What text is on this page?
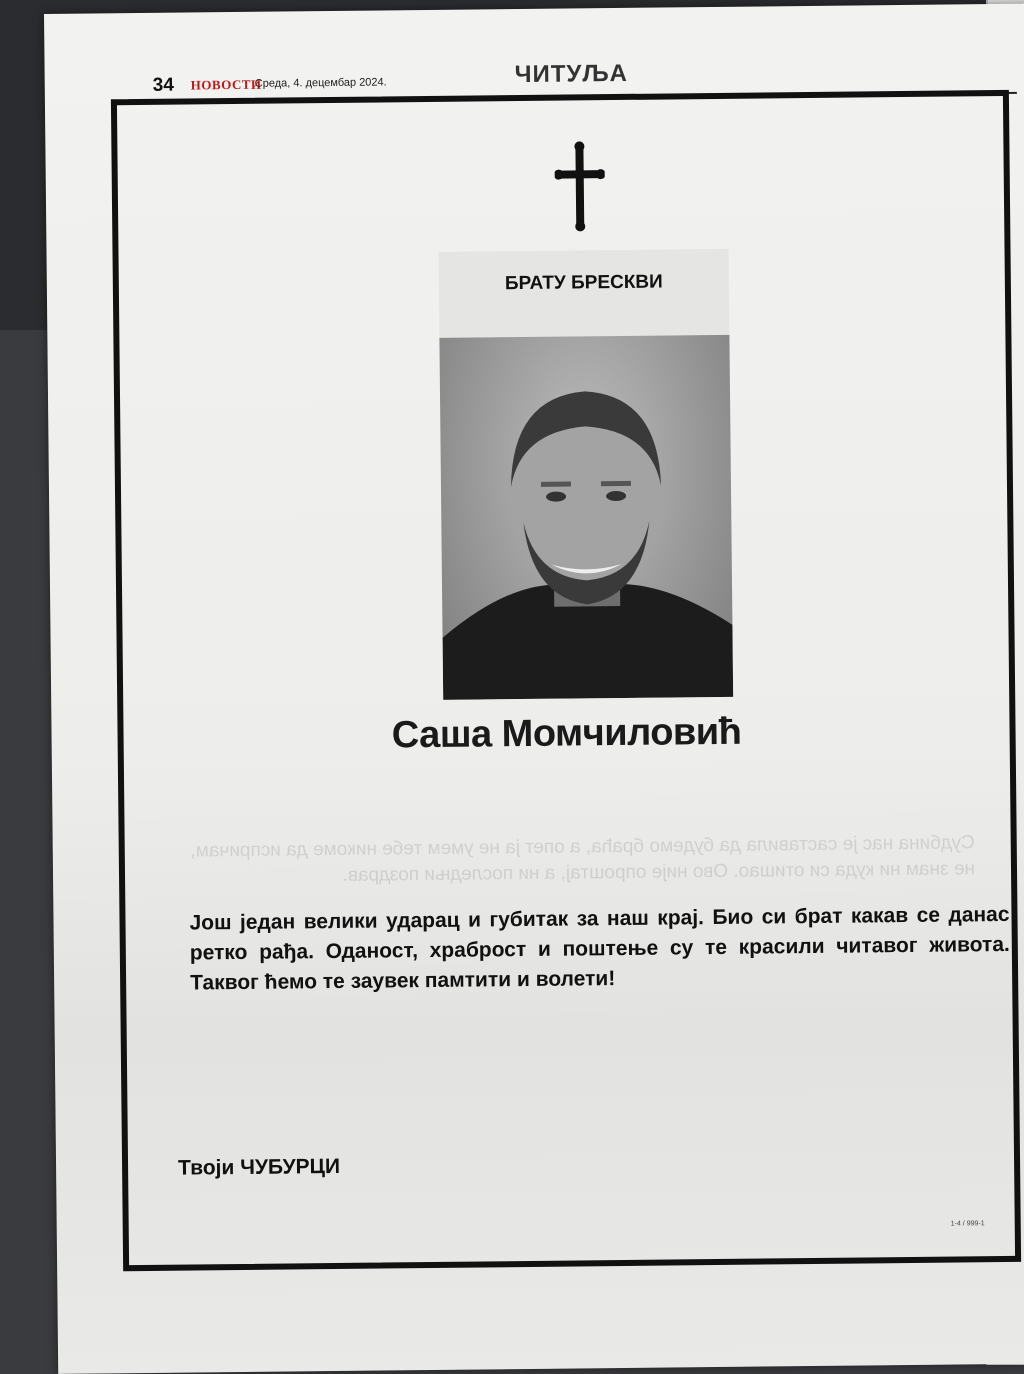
34 НОВОСТИ
Среда, 4. децембар 2024.	ЧИТУЉА
БРАТУ БРЕСКВИ
Саша Момчиловић
Судбина нас је саставила да будемо браћа, а опет ја не умем тебе никоме да испричам, не знам ни куда си отишао. Ово није опроштај, а ни последњи поздрав.
Још један велики ударац и губитак за наш крај. Био си брат какав се данас ретко рађа. Оданост, храброст и поштење су те красили читавог живота. Таквог ћемо те заувек памтити и волети!
Твоји ЧУБУРЦИ
1-4 / 999-1
